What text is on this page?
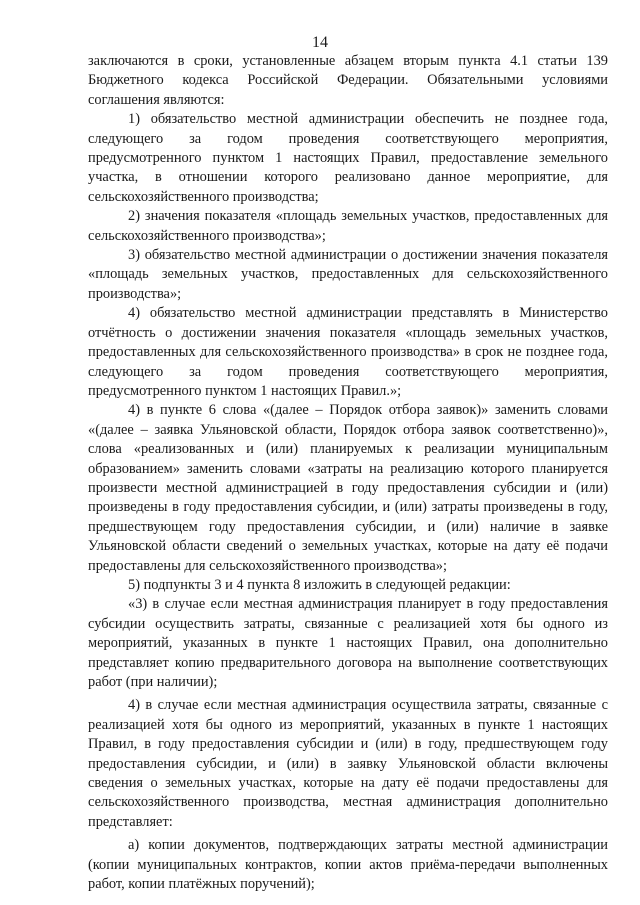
14

заключаются в сроки, установленные абзацем вторым пункта 4.1 статьи 139 Бюджетного кодекса Российской Федерации. Обязательными условиями соглашения являются:

1) обязательство местной администрации обеспечить не позднее года, следующего за годом проведения соответствующего мероприятия, предусмотренного пунктом 1 настоящих Правил, предоставление земельного участка, в отношении которого реализовано данное мероприятие, для сельскохозяйственного производства;

2) значения показателя «площадь земельных участков, предоставленных для сельскохозяйственного производства»;

3) обязательство местной администрации о достижении значения показателя «площадь земельных участков, предоставленных для сельскохозяйственного производства»;

4) обязательство местной администрации представлять в Министерство отчётность о достижении значения показателя «площадь земельных участков, предоставленных для сельскохозяйственного производства» в срок не позднее года, следующего за годом проведения соответствующего мероприятия, предусмотренного пунктом 1 настоящих Правил.»;

4) в пункте 6 слова «(далее – Порядок отбора заявок)» заменить словами «(далее – заявка Ульяновской области, Порядок отбора заявок соответственно)», слова «реализованных и (или) планируемых к реализации муниципальным образованием» заменить словами «затраты на реализацию которого планируется произвести местной администрацией в году предоставления субсидии и (или) произведены в году предоставления субсидии, и (или) затраты произведены в году, предшествующем году предоставления субсидии, и (или) наличие в заявке Ульяновской области сведений о земельных участках, которые на дату её подачи предоставлены для сельскохозяйственного производства»;

5) подпункты 3 и 4 пункта 8 изложить в следующей редакции:

«3) в случае если местная администрация планирует в году предоставления субсидии осуществить затраты, связанные с реализацией хотя бы одного из мероприятий, указанных в пункте 1 настоящих Правил, она дополнительно представляет копию предварительного договора на выполнение соответствующих работ (при наличии);

4) в случае если местная администрация осуществила затраты, связанные с реализацией хотя бы одного из мероприятий, указанных в пункте 1 настоящих Правил, в году предоставления субсидии и (или) в году, предшествующем году предоставления субсидии, и (или) в заявку Ульяновской области включены сведения о земельных участках, которые на дату её подачи предоставлены для сельскохозяйственного производства, местная администрация дополнительно представляет:

а) копии документов, подтверждающих затраты местной администрации (копии муниципальных контрактов, копии актов приёма-передачи выполненных работ, копии платёжных поручений);
